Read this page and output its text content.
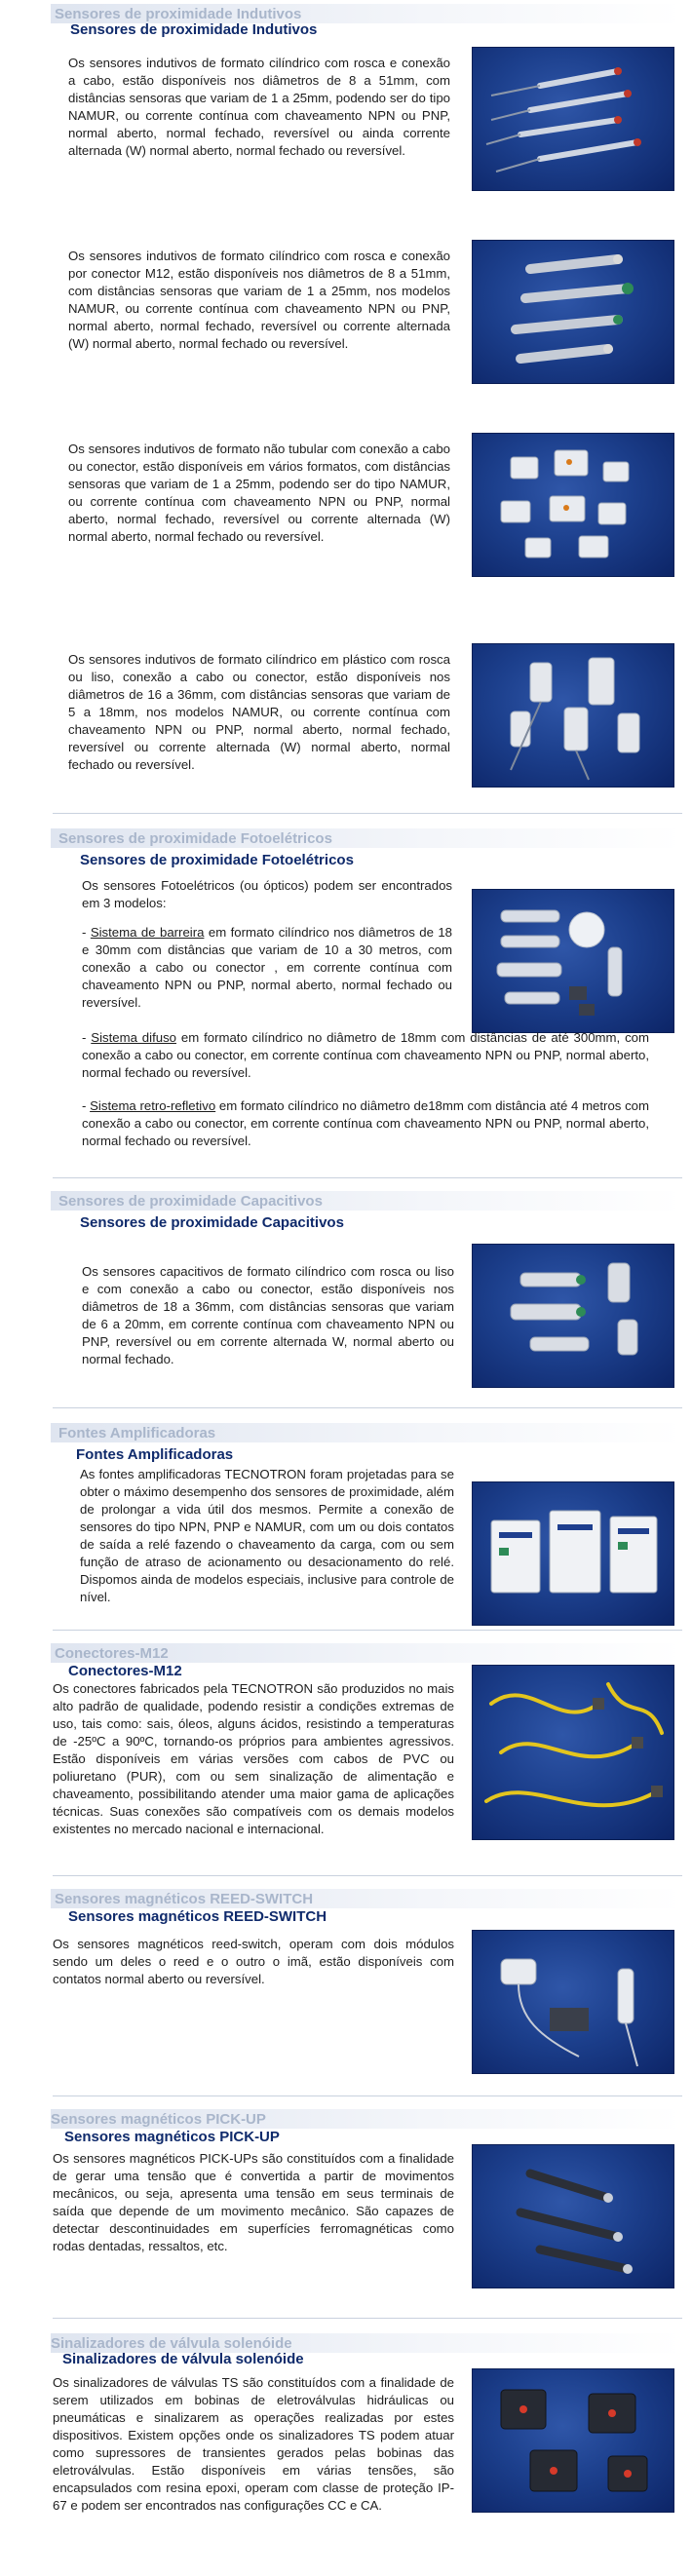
Sensores de proximidade Indutivos
Sensores de proximidade Indutivos
Os sensores indutivos de formato cilíndrico com rosca e conexão a cabo, estão disponíveis nos diâmetros de 8 a 51mm, com distâncias sensoras que variam de 1 a 25mm, podendo ser do tipo NAMUR, ou corrente contínua com chaveamento NPN ou PNP, normal aberto, normal fechado, reversível ou ainda corrente alternada (W) normal aberto, normal fechado ou reversível.
Os sensores indutivos de formato cilíndrico com rosca e conexão por conector M12, estão disponíveis nos diâmetros de 8 a 51mm, com distâncias sensoras que variam de 1 a 25mm, nos modelos NAMUR, ou corrente contínua com chaveamento NPN ou PNP, normal aberto, normal fechado, reversível ou corrente alternada (W) normal aberto, normal fechado ou reversível.
Os sensores indutivos de formato não tubular com conexão a cabo ou conector, estão disponíveis em vários formatos, com distâncias sensoras que variam de 1 a 25mm, podendo ser do tipo NAMUR, ou corrente contínua com chaveamento NPN ou PNP, normal aberto, normal fechado, reversível ou corrente alternada (W) normal aberto, normal fechado ou reversível.
Os sensores indutivos de formato cilíndrico em plástico com rosca ou liso, conexão a cabo ou conector, estão disponíveis nos diâmetros de 16 a 36mm, com distâncias sensoras que variam de 5 a 18mm, nos modelos NAMUR, ou corrente contínua com chaveamento NPN ou PNP, normal aberto, normal fechado, reversível ou corrente alternada (W) normal aberto, normal fechado ou reversível.
Sensores de proximidade Fotoelétricos
Sensores de proximidade Fotoelétricos
Os sensores Fotoelétricos (ou ópticos) podem ser encontrados em 3 modelos:
- Sistema de barreira em formato cilíndrico nos diâmetros de 18 e 30mm com distâncias que variam de 10 a 30 metros, com conexão a cabo ou conector , em corrente contínua com chaveamento NPN ou PNP, normal aberto, normal fechado ou reversível.
- Sistema difuso em formato cilíndrico no diâmetro de 18mm com distâncias de até 300mm, com conexão a cabo ou conector, em corrente contínua com chaveamento NPN ou PNP, normal aberto, normal fechado ou reversível.
- Sistema retro-refletivo em formato cilíndrico no diâmetro de18mm com distância até 4 metros com conexão a cabo ou conector, em corrente contínua com chaveamento NPN ou PNP, normal aberto, normal fechado ou reversível.
Sensores de proximidade Capacitivos
Sensores de proximidade Capacitivos
Os sensores capacitivos de formato cilíndrico com rosca ou liso e com conexão a cabo ou conector, estão disponíveis nos diâmetros de 18 a 36mm, com distâncias sensoras que variam de 6 a 20mm, em corrente contínua com chaveamento NPN ou PNP, reversível ou em corrente alternada W, normal aberto ou normal fechado.
Fontes Amplificadoras
Fontes Amplificadoras
As fontes amplificadoras TECNOTRON foram projetadas para se obter o máximo desempenho dos sensores de proximidade, além de prolongar a vida útil dos mesmos. Permite a conexão de sensores do tipo NPN, PNP e NAMUR, com um ou dois contatos de saída a relé fazendo o chaveamento da carga, com ou sem função de atraso de acionamento ou desacionamento do relé. Dispomos ainda de modelos especiais, inclusive para controle de nível.
Conectores-M12
Conectores-M12
Os conectores fabricados pela TECNOTRON são produzidos no mais alto padrão de qualidade, podendo resistir a condições extremas de uso, tais como: sais, óleos, alguns ácidos, resistindo a temperaturas de -25ºC a 90ºC, tornando-os próprios para ambientes agressivos. Estão disponíveis em várias versões com cabos de PVC ou poliuretano (PUR), com ou sem sinalização de alimentação e chaveamento, possibilitando atender uma maior gama de aplicações técnicas. Suas conexões são compatíveis com os demais modelos existentes no mercado nacional e internacional.
Sensores magnéticos REED-SWITCH
Sensores magnéticos REED-SWITCH
Os sensores magnéticos reed-switch, operam com dois módulos sendo um deles o reed e o outro o imã, estão disponíveis com contatos normal aberto ou reversível.
Sensores magnéticos PICK-UP
Sensores magnéticos PICK-UP
Os sensores magnéticos PICK-UPs são constituídos com a finalidade de gerar uma tensão que é convertida a partir de movimentos mecânicos, ou seja, apresenta uma tensão em seus terminais de saída que depende de um movimento mecânico. São capazes de detectar descontinuidades em superfícies ferromagnéticas como rodas dentadas, ressaltos, etc.
Sinalizadores de válvula solenóide
Sinalizadores de válvula solenóide
Os sinalizadores de válvulas TS são constituídos com a finalidade de serem utilizados em bobinas de eletroválvulas hidráulicas ou pneumáticas e sinalizarem as operações realizadas por estes dispositivos. Existem opções onde os sinalizadores TS podem atuar como supressores de transientes gerados pelas bobinas das eletroválvulas. Estão disponíveis em várias tensões, são encapsulados com resina epoxi, operam com classe de proteção IP-67 e podem ser encontrados nas configurações CC e CA.
